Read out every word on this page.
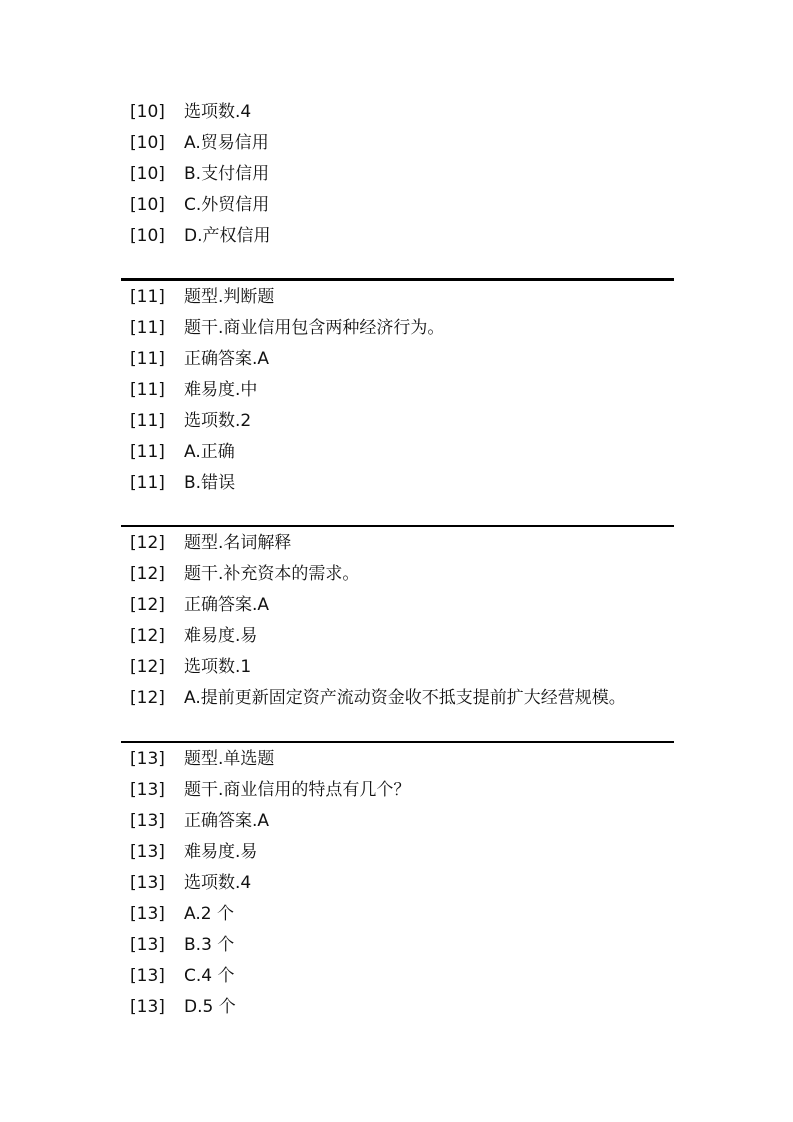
[10] 选项数.4
[10] A.贸易信用
[10] B.支付信用
[10] C.外贸信用
[10] D.产权信用
[11] 题型.判断题
[11] 题干.商业信用包含两种经济行为。
[11] 正确答案.A
[11] 难易度.中
[11] 选项数.2
[11] A.正确
[11] B.错误
[12] 题型.名词解释
[12] 题干.补充资本的需求。
[12] 正确答案.A
[12] 难易度.易
[12] 选项数.1
[12] A.提前更新固定资产流动资金收不抵支提前扩大经营规模。
[13] 题型.单选题
[13] 题干.商业信用的特点有几个？
[13] 正确答案.A
[13] 难易度.易
[13] 选项数.4
[13] A.2 个
[13] B.3 个
[13] C.4 个
[13] D.5 个
